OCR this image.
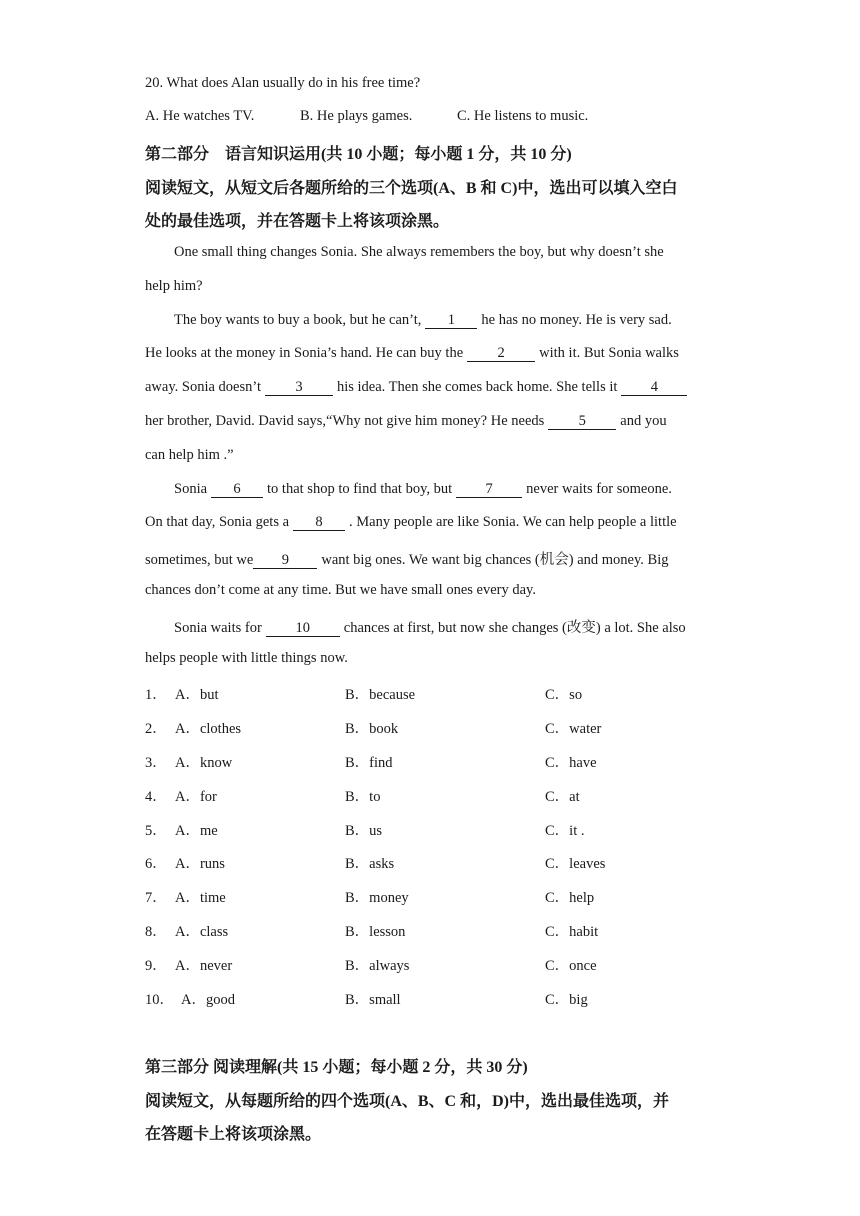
20. What does Alan usually do in his free time?
A. He watches TV.	B. He plays games.	C. He listens to music.
第二部分　语言知识运用(共 10 小题；每小题 1 分，共 10 分)
阅读短文，从短文后各题所给的三个选项(A、B 和 C)中，选出可以填入空白
处的最佳选项，并在答题卡上将该项涂黑。
One small thing changes Sonia. She always remembers the boy, but why doesn’t she
help him?
The boy wants to buy a book, but he can’t, 1 he has no money. He is very sad.
He looks at the money in Sonia’s hand. He can buy the 2 with it. But Sonia walks
away. Sonia doesn’t 3 his idea. Then she comes back home. She tells it 4
her brother, David. David says,“Why not give him money? He needs 5 and you
can help him .”
Sonia 6 to that shop to find that boy, but 7 never waits for someone.
On that day, Sonia gets a 8 . Many people are like Sonia. We can help people a little
sometimes, but we 9 want big ones. We want big chances (机会) and money. Big
chances don’t come at any time. But we have small ones every day.
Sonia waits for 10 chances at first, but now she changes (改变) a lot. She also
helps people with little things now.
1． A．but	B．because	C．so
2． A．clothes	B．book	C．water
3． A．know	B．find	C．have
4． A．for	B．to	C．at
5． A．me	B．us	C．it .
6． A．runs	B．asks	C．leaves
7． A．time	B．money	C．help
8． A．class	B．lesson	C．habit
9． A．never	B．always	C．once
10． A．good	B．small	C．big
第三部分 阅读理解(共 15 小题；每小题 2 分，共 30 分)
阅读短文，从每题所给的四个选项(A、B、C 和，D)中，选出最佳选项，并
在答题卡上将该项涂黑。
